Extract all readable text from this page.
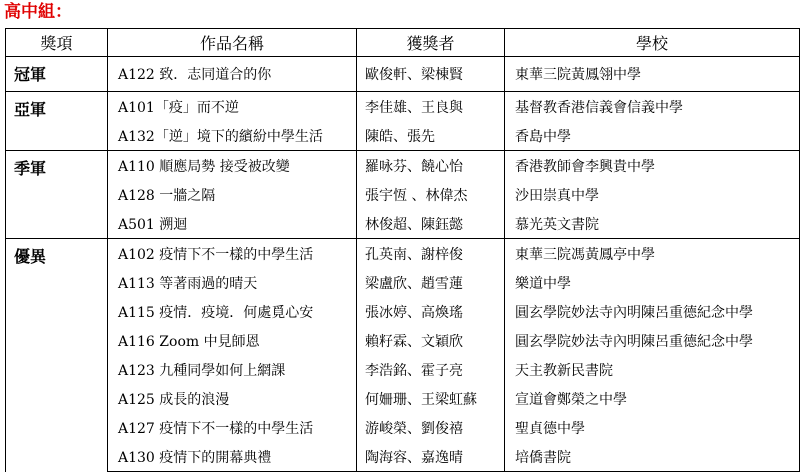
高中組：
獎項	作品名稱	獲獎者	學校
冠軍	A122 致．志同道合的你	歐俊軒、梁棟賢	東華三院黃鳳翎中學
亞軍	A101「疫」而不逆	李佳雄、王良與	基督教香港信義會信義中學
	A132「逆」境下的繽紛中學生活	陳皓、張先	香島中學
季軍	A110 順應局勢 接受被改變	羅咏芬、饒心怡	香港教師會李興貴中學
	A128 一牆之隔	張宇恆 、林偉杰	沙田崇真中學
	A501 溯迴	林俊超、陳鈺懿	慕光英文書院
優異	A102 疫情下不一樣的中學生活	孔英南、謝梓俊	東華三院馮黃鳳亭中學
	A113 等著雨過的晴天	梁盧欣、趙雪蓮	樂道中學
	A115 疫情．疫境．何處覓心安	張冰婷、高煥瑤	圓玄學院妙法寺內明陳呂重德紀念中學
	A116 Zoom 中見師恩	賴籽霖、文穎欣	圓玄學院妙法寺內明陳呂重德紀念中學
	A123 九種同學如何上網課	李浩銘、霍子亮	天主教新民書院
	A125 成長的浪漫	何姍珊、王梁虹蘇	宣道會鄭榮之中學
	A127 疫情下不一樣的中學生活	游峻榮、劉俊禧	聖貞德中學
	A130 疫情下的開幕典禮	陶海容、嘉逸晴	培僑書院
